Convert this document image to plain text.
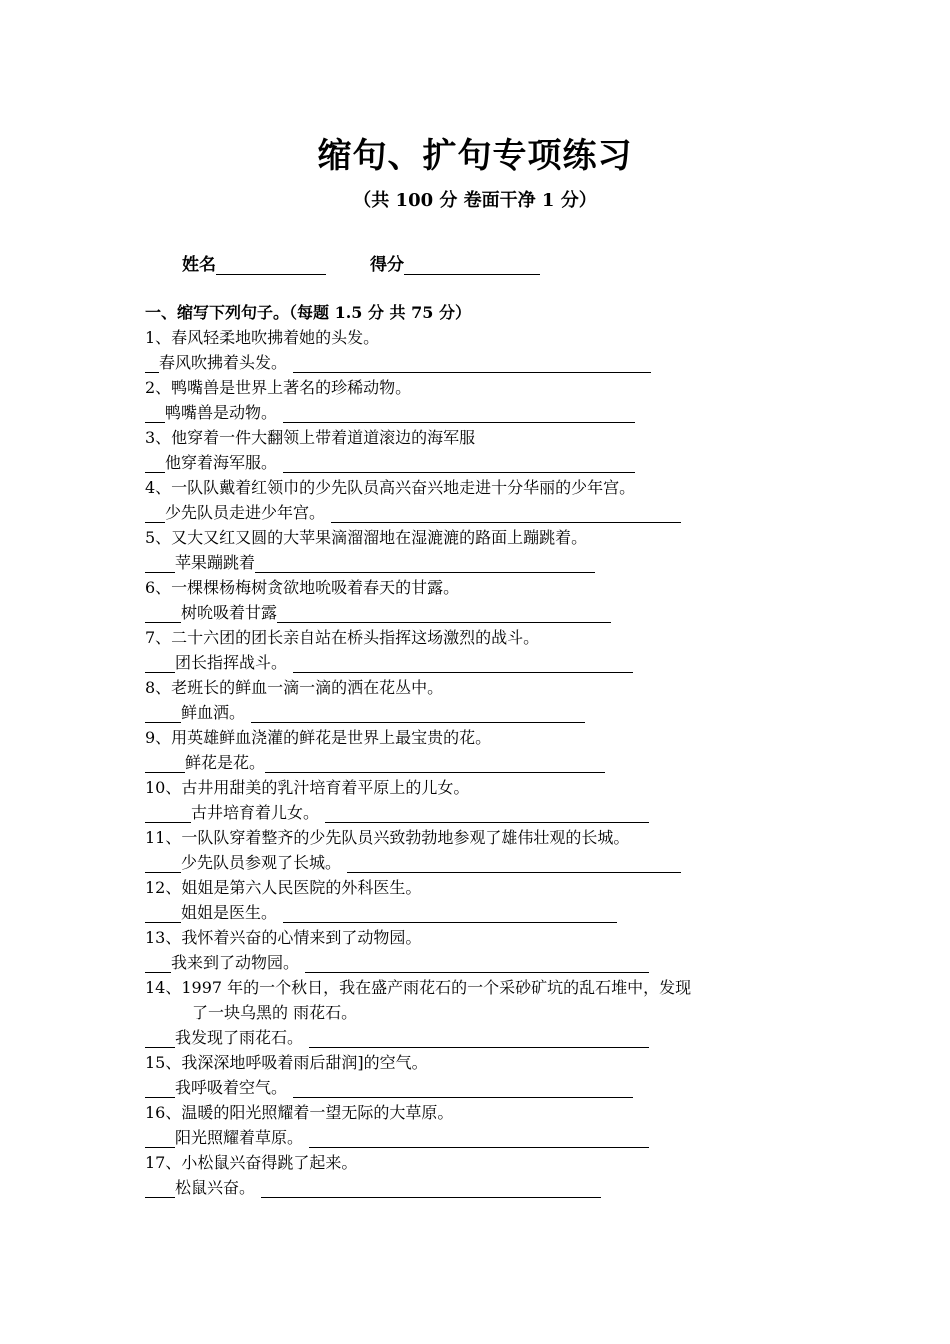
缩句、扩句专项练习
（共 100 分 卷面干净 1 分）
姓名	得分
一、缩写下列句子。（每题 1.5 分 共 75 分）
1、春风轻柔地吹拂着她的头发。
春风吹拂着头发。
2、鸭嘴兽是世界上著名的珍稀动物。
鸭嘴兽是动物。
3、他穿着一件大翻领上带着道道滚边的海军服
他穿着海军服。
4、一队队戴着红领巾的少先队员高兴奋兴地走进十分华丽的少年宫。
少先队员走进少年宫。
5、又大又红又圆的大苹果滴溜溜地在湿漉漉的路面上蹦跳着。
苹果蹦跳着
6、一棵棵杨梅树贪欲地吮吸着春天的甘露。
树吮吸着甘露
7、二十六团的团长亲自站在桥头指挥这场激烈的战斗。
团长指挥战斗。
8、老班长的鲜血一滴一滴的洒在花丛中。
鲜血洒。
9、用英雄鲜血浇灌的鲜花是世界上最宝贵的花。
鲜花是花。
10、古井用甜美的乳汁培育着平原上的儿女。
古井培育着儿女。
11、一队队穿着整齐的少先队员兴致勃勃地参观了雄伟壮观的长城。
少先队员参观了长城。
12、姐姐是第六人民医院的外科医生。
姐姐是医生。
13、我怀着兴奋的心情来到了动物园。
我来到了动物园。
14、1997 年的一个秋日，我在盛产雨花石的一个采砂矿坑的乱石堆中，发现
了一块乌黑的 雨花石。
我发现了雨花石。
15、我深深地呼吸着雨后甜润]的空气。
我呼吸着空气。
16、温暖的阳光照耀着一望无际的大草原。
阳光照耀着草原。
17、小松鼠兴奋得跳了起来。
松鼠兴奋。
